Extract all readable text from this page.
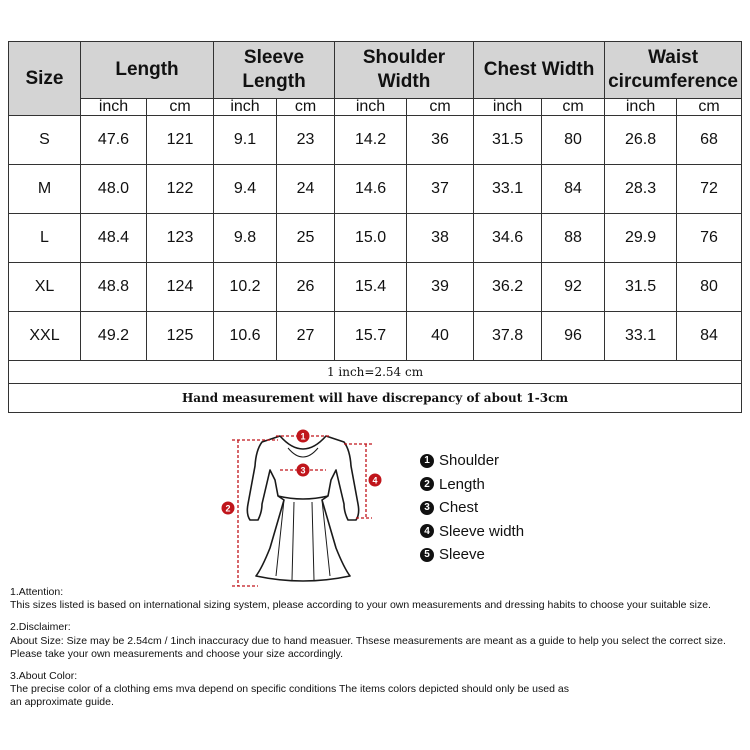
Size	Length		Sleeve Length		Shoulder Width		Chest Width		Waist circumference	
	inch	cm	inch	cm	inch	cm	inch	cm	inch	cm
S	47.6	121	9.1	23	14.2	36	31.5	80	26.8	68
M	48.0	122	9.4	24	14.6	37	33.1	84	28.3	72
L	48.4	123	9.8	25	15.0	38	34.6	88	29.9	76
XL	48.8	124	10.2	26	15.4	39	36.2	92	31.5	80
XXL	49.2	125	10.6	27	15.7	40	37.8	96	33.1	84
1 inch=2.54 cm										
Hand measurement will have discrepancy of about 1-3cm										
1
3
2
4
1 Shoulder
2 Length
3 Chest
4 Sleeve width
5 Sleeve
1.Attention:
This sizes listed is based on international sizing system, please according to your own measurements and dressing habits to choose your suitable size.
2.Disclaimer:
About Size: Size may be 2.54cm / 1inch inaccuracy due to hand measuer. Thsese measurements are meant as a guide to help you select the correct size.
Please take your own measurements and choose your size accordingly.
3.About Color:
The precise color of a clothing ems mva depend on specific conditions The items colors depicted should only be used as
an approximate guide.
